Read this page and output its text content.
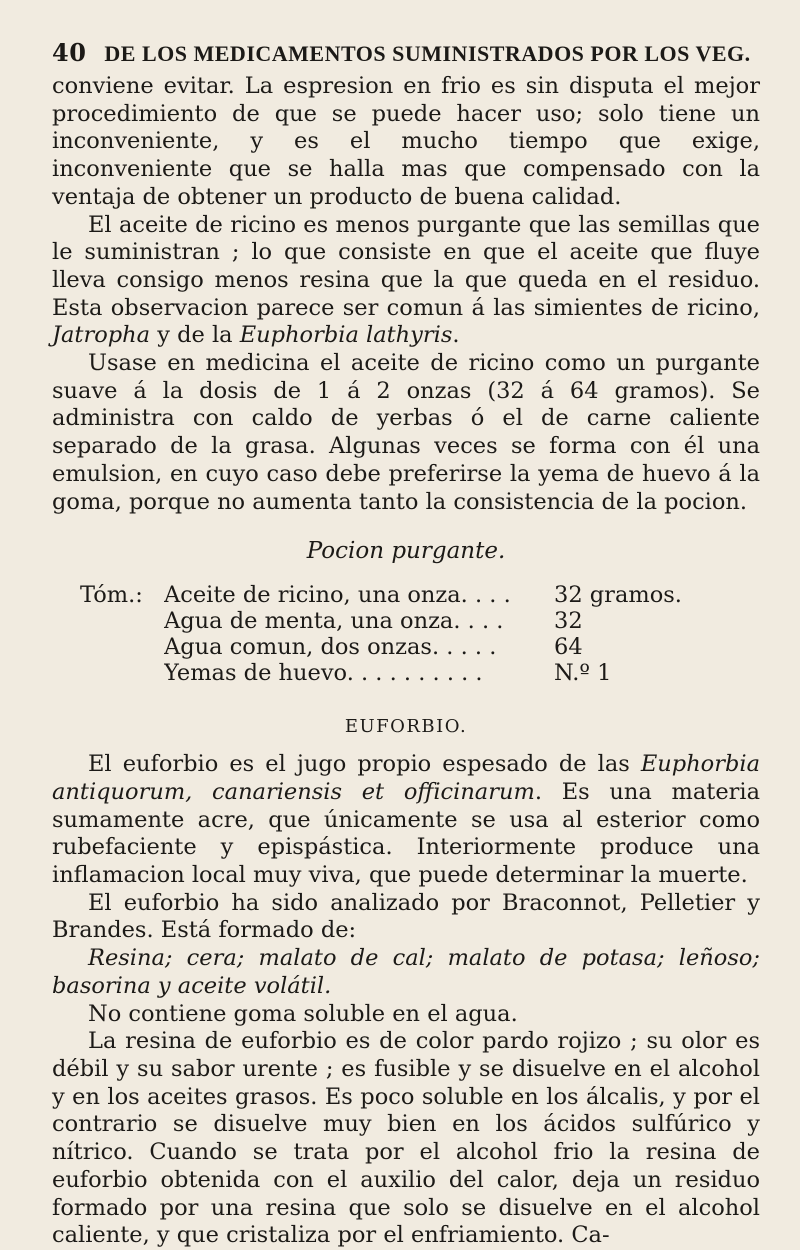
40 DE LOS MEDICAMENTOS SUMINISTRADOS POR LOS VEG.

conviene evitar. La espresion en frio es sin disputa el mejor procedimiento de que se puede hacer uso; solo tiene un inconveniente, y es el mucho tiempo que exige, inconveniente que se halla mas que compensado con la ventaja de obtener un producto de buena calidad.

El aceite de ricino es menos purgante que las semillas que le suministran ; lo que consiste en que el aceite que fluye lleva consigo menos resina que la que queda en el residuo. Esta observacion parece ser comun á las simientes de ricino, Jatropha y de la Euphorbia lathyris.

Usase en medicina el aceite de ricino como un purgante suave á la dosis de 1 á 2 onzas (32 á 64 gramos). Se administra con caldo de yerbas ó el de carne caliente separado de la grasa. Algunas veces se forma con él una emulsion, en cuyo caso debe preferirse la yema de huevo á la goma, porque no aumenta tanto la consistencia de la pocion.

Pocion purgante.
Tóm.: Aceite de ricino, una onza. . . .	32 gramos.
Agua de menta, una onza. . . .	32
Agua comun, dos onzas. . . . .	64
Yemas de huevo. . . . . . . . . .	N.º 1
EUFORBIO.

El euforbio es el jugo propio espesado de las Euphorbia antiquorum, canariensis et officinarum. Es una materia sumamente acre, que únicamente se usa al esterior como rubefaciente y epispástica. Interiormente produce una inflamacion local muy viva, que puede determinar la muerte.

El euforbio ha sido analizado por Braconnot, Pelletier y Brandes. Está formado de:

Resina; cera; malato de cal; malato de potasa; leñoso; basorina y aceite volátil.

No contiene goma soluble en el agua.

La resina de euforbio es de color pardo rojizo ; su olor es débil y su sabor urente ; es fusible y se disuelve en el alcohol y en los aceites grasos. Es poco soluble en los álcalis, y por el contrario se disuelve muy bien en los ácidos sulfúrico y nítrico. Cuando se trata por el alcohol frio la resina de euforbio obtenida con el auxilio del calor, deja un residuo formado por una resina que solo se disuelve en el alcohol caliente, y que cristaliza por el enfriamiento. Ca-
